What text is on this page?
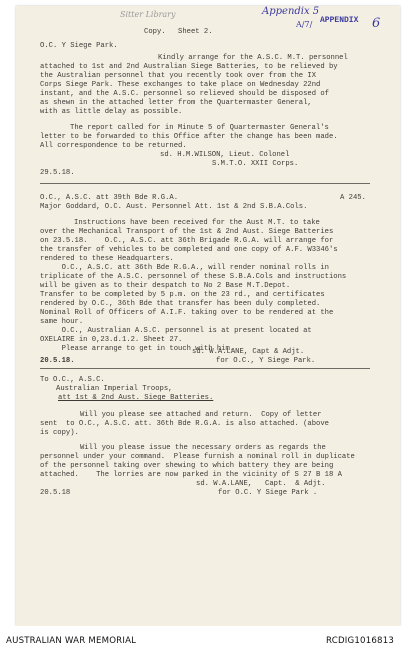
Sitter Library
Copy. Sheet 2.
Appendix 5
A/7/ APPENDIX 6
O.C. Y Siege Park.
Kindly arrange for the A.S.C. M.T. personnel
attached to 1st and 2nd Australian Siege Batteries, to be relieved by
the Australian personnel that you recently took over from the IX
Corps Siege Park. These exchanges to take place on Wednesday 22nd
instant, and the A.S.C. personnel so relieved should be disposed of
as shewn in the attached letter from the Quartermaster General,
with as little delay as possible.
The report called for in Minute 5 of Quartermaster General's
letter to be forwarded to this Office after the change has been made.
All correspondence to be returned.
sd. H.M.WILSON, Lieut. Colonel
S.M.T.O. XXII Corps.
29.5.18.
O.C., A.S.C. att 39th Bde R.G.A.	A 245.
Major Goddard, O.C. Aust. Personnel Att. 1st & 2nd S.B.A.Cols.
Instructions have been received for the Aust M.T. to take
over the Mechanical Transport of the 1st & 2nd Aust. Siege Batteries
on 23.5.18.    O.C., A.S.C. att 36th Brigade R.G.A. will arrange for
the transfer of vehicles to be completed and one copy of A.F. W3346's
rendered to these Headquarters.
O.C., A.S.C. att 36th Bde R.G.A., will render nominal rolls in
triplicate of the A.S.C. personnel of these S.B.A.Cols and instructions
will be given as to their despatch to No 2 Base M.T.Depot.
Transfer to be completed by 5 p.m. on the 23 rd., and certificates
rendered by O.C., 36th Bde that transfer has been duly completed.
Nominal Roll of Officers of A.I.F. taking over to be rendered at the
same hour.
O.C., Australian A.S.C. personnel is at present located at
OXELAIRE in 0,23.d.1.2. Sheet 27.
Please arrange to get in touch with him.
sd. W.A.LANE, Capt & Adjt.
20.5.18.	for O.C., Y Siege Park.
To O.C., A.S.C.
Australian Imperial Troops,
att 1st & 2nd Aust. Siege Batteries.
Will you please see attached and return.  Copy of letter
sent  to O.C., A.S.C. att. 36th Bde R.G.A. is also attached. (above
is copy).
Will you please issue the necessary orders as regards the
personnel under your command.  Please furnish a nominal roll in duplicate
of the personnel taking over shewing to which battery they are being
attached.    The lorries are now parked in the vicinity of S 27 B 18 A
sd. W.A.LANE,   Capt.  & Adjt.
20.5.18	for O.C. Y Siege Park .
AUSTRALIAN WAR MEMORIAL	RCDIG1016813
